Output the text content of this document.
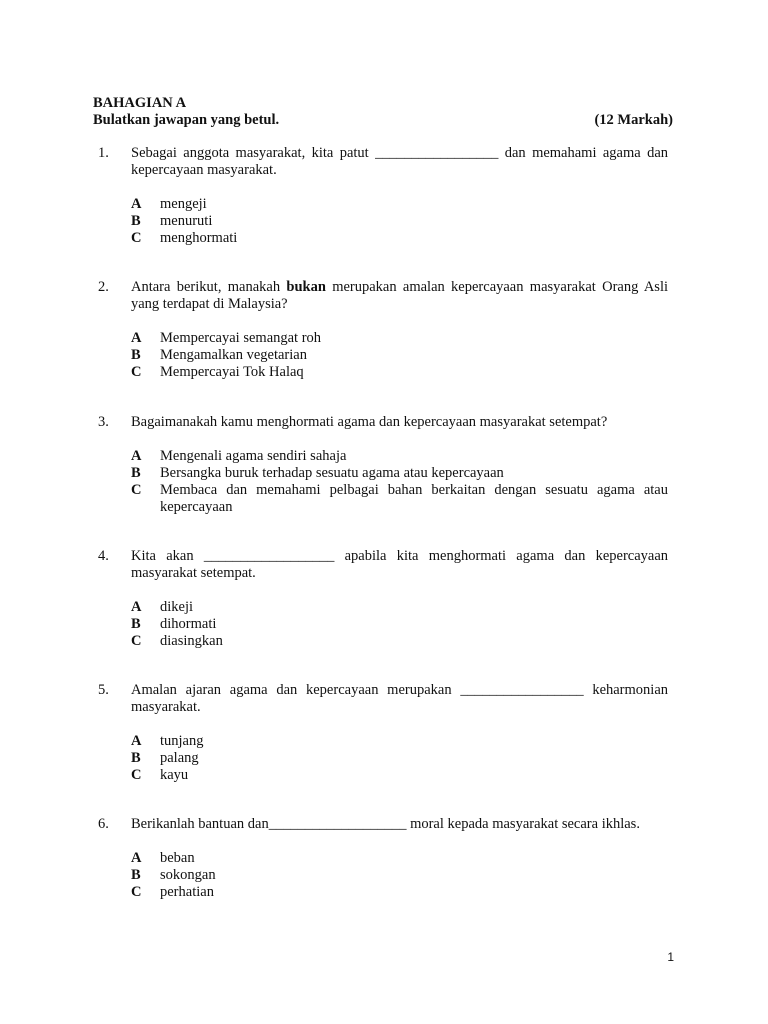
BAHAGIAN A
Bulatkan jawapan yang betul.	(12 Markah)
1.	Sebagai anggota masyarakat, kita patut _________________ dan memahami agama dan kepercayaan masyarakat.
A	mengeji
B	menuruti
C	menghormati
2.	Antara berikut, manakah bukan merupakan amalan kepercayaan masyarakat Orang Asli yang terdapat di Malaysia?
A	Mempercayai semangat roh
B	Mengamalkan vegetarian
C	Mempercayai Tok Halaq
3.	Bagaimanakah kamu menghormati agama dan kepercayaan masyarakat setempat?
A	Mengenali agama sendiri sahaja
B	Bersangka buruk terhadap sesuatu agama atau kepercayaan
C	Membaca dan memahami pelbagai bahan berkaitan dengan sesuatu agama atau kepercayaan
4.	Kita akan __________________ apabila kita menghormati agama dan kepercayaan masyarakat setempat.
A	dikeji
B	dihormati
C	diasingkan
5.	Amalan ajaran agama dan kepercayaan merupakan _________________ keharmonian masyarakat.
A	tunjang
B	palang
C	kayu
6.	Berikanlah bantuan dan___________________ moral kepada masyarakat secara ikhlas.
A	beban
B	sokongan
C	perhatian
1
